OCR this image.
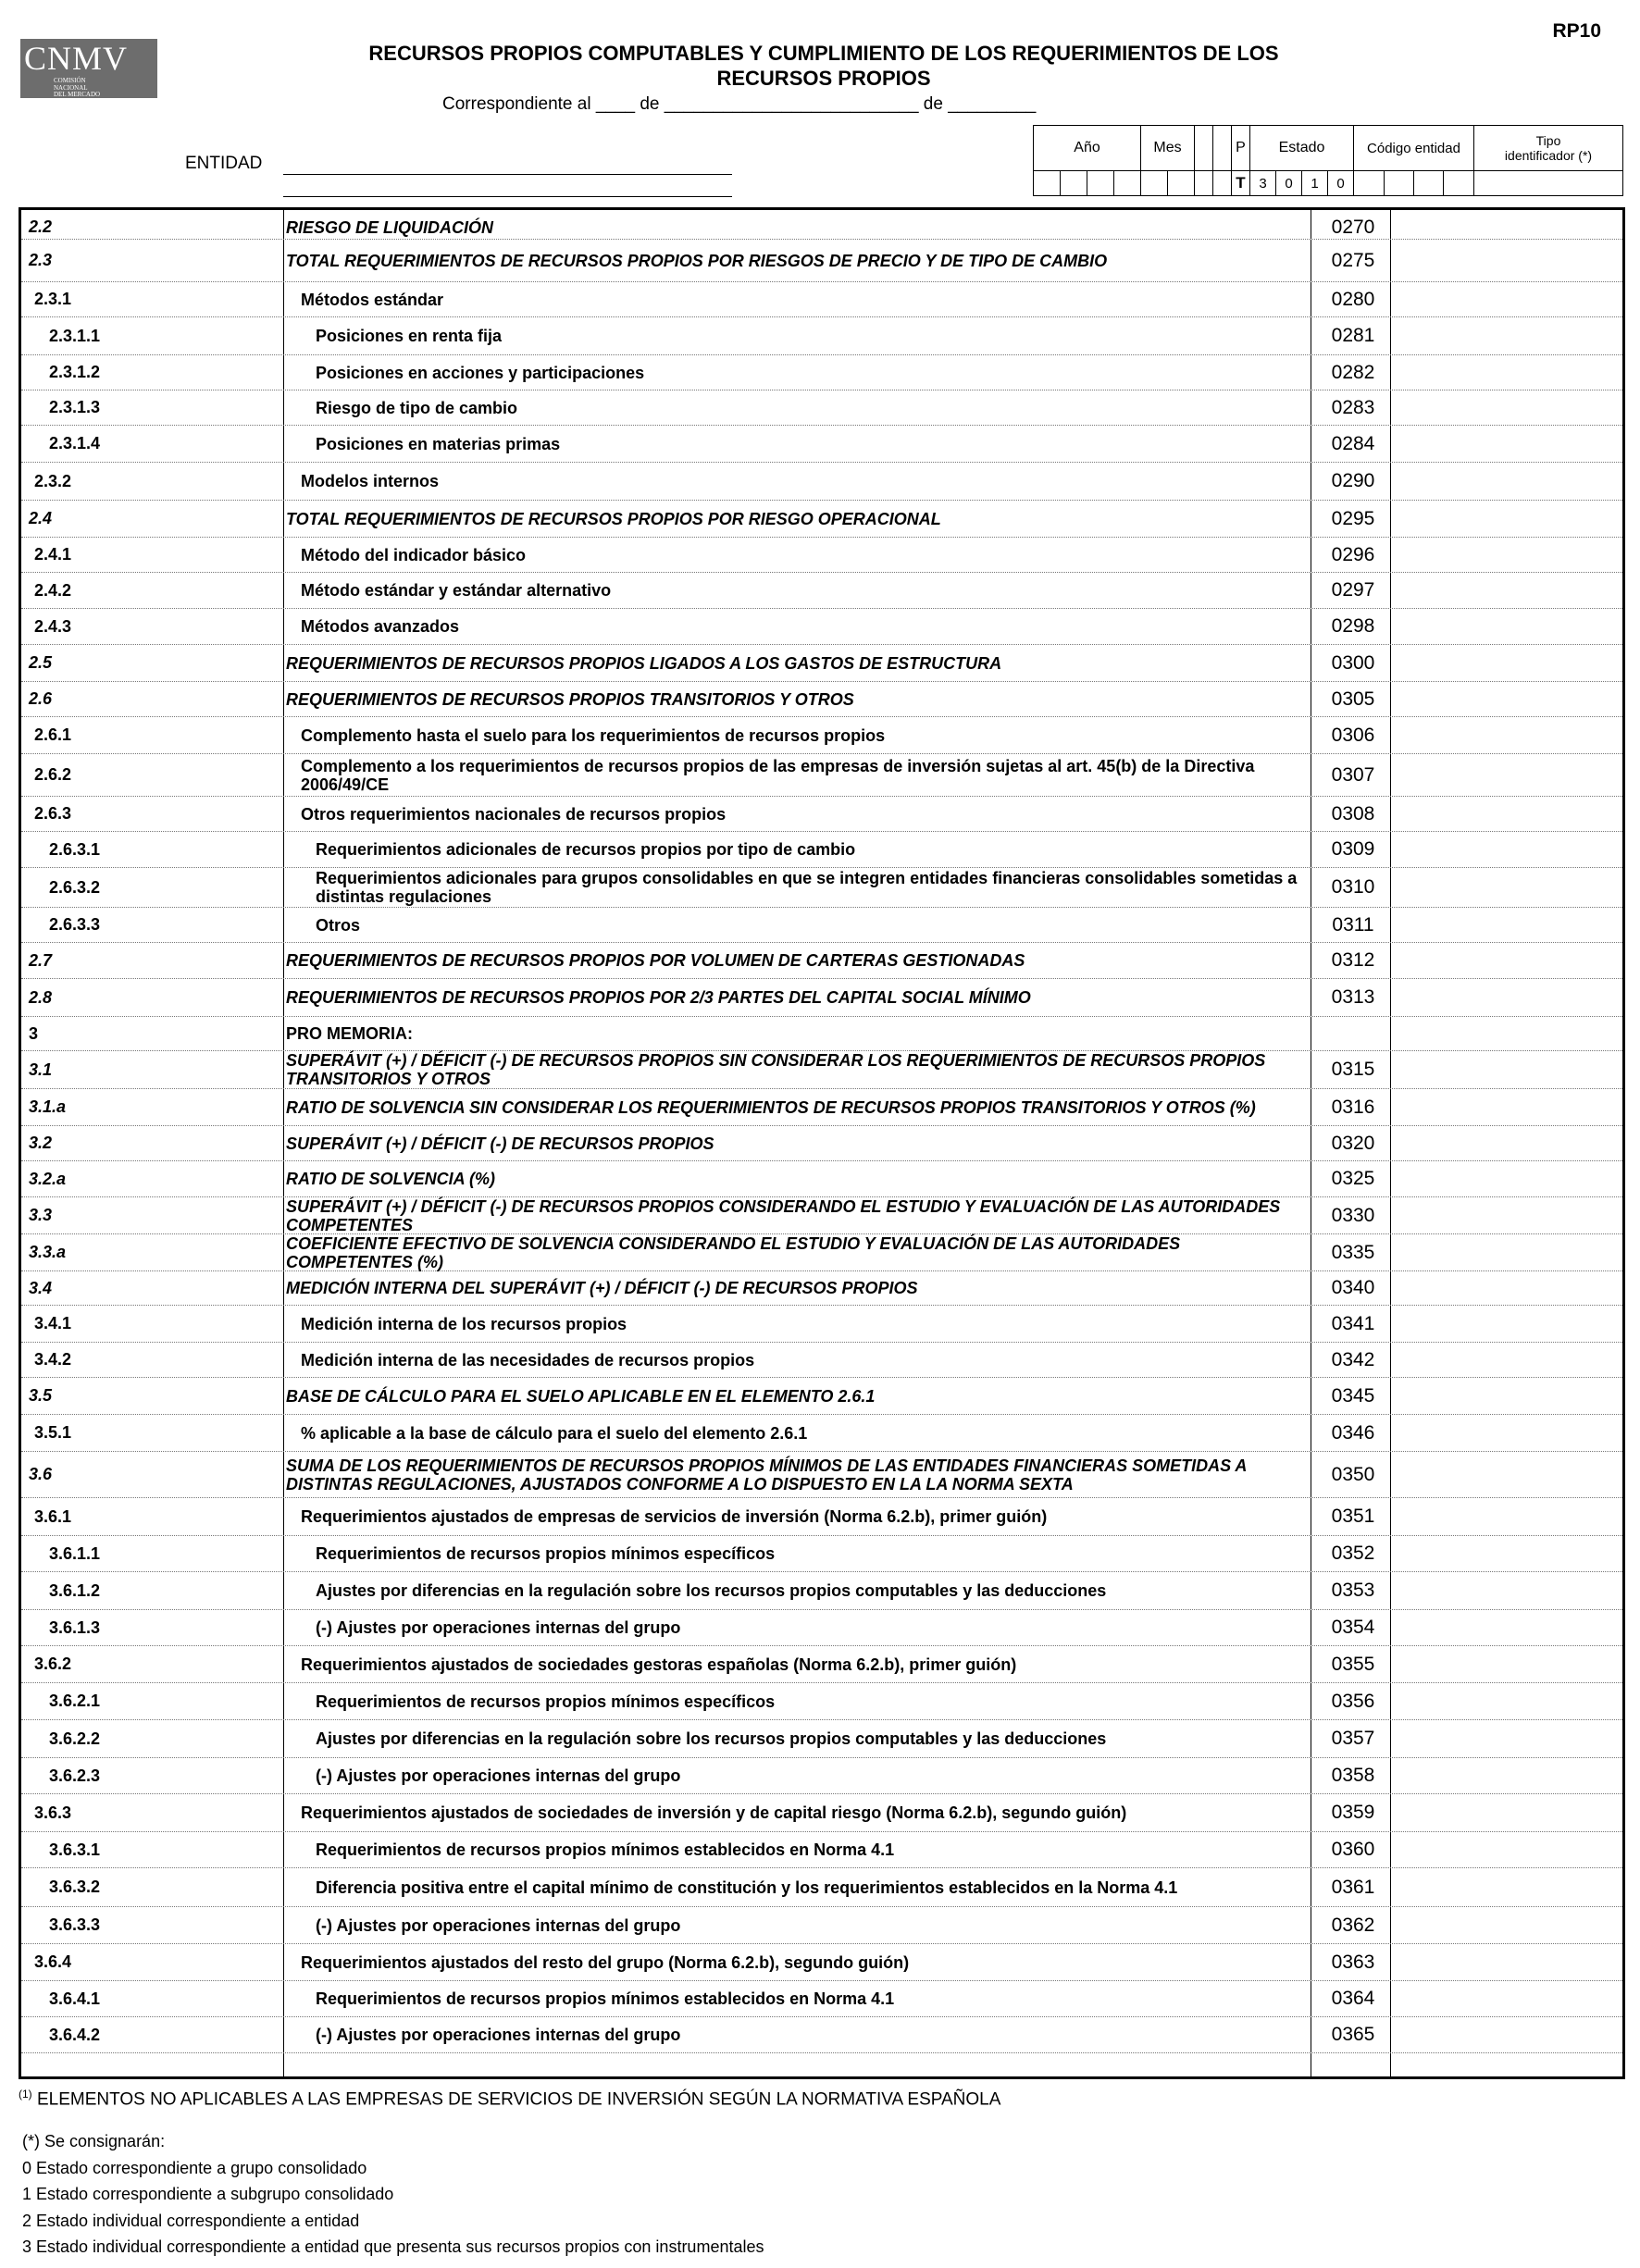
CNMV
COMISIÓN
NACIONAL
DEL MERCADO
DE VALORES
RP10
RECURSOS PROPIOS COMPUTABLES Y CUMPLIMIENTO DE LOS REQUERIMIENTOS DE LOS
RECURSOS PROPIOS
Correspondiente al ____ de __________________________ de _________
ENTIDAD
Año	Mes	P	Estado	Código entidad	Tipo identificador (*)
T 3	0	1	0
2.2	RIESGO DE LIQUIDACIÓN	0270
2.3	TOTAL REQUERIMIENTOS DE RECURSOS PROPIOS POR RIESGOS DE PRECIO Y DE TIPO DE CAMBIO	0275
2.3.1	Métodos estándar	0280
2.3.1.1	Posiciones en renta fija	0281
2.3.1.2	Posiciones en acciones y participaciones	0282
2.3.1.3	Riesgo de tipo de cambio	0283
2.3.1.4	Posiciones en materias primas	0284
2.3.2	Modelos internos	0290
2.4	TOTAL REQUERIMIENTOS DE RECURSOS PROPIOS POR RIESGO OPERACIONAL	0295
2.4.1	Método del indicador básico	0296
2.4.2	Método estándar y estándar alternativo	0297
2.4.3	Métodos avanzados	0298
2.5	REQUERIMIENTOS DE RECURSOS PROPIOS LIGADOS A LOS GASTOS DE ESTRUCTURA	0300
2.6	REQUERIMIENTOS DE RECURSOS PROPIOS TRANSITORIOS Y OTROS	0305
2.6.1	Complemento hasta el suelo para los requerimientos de recursos propios	0306
2.6.2	Complemento a los requerimientos de recursos propios de las empresas de inversión sujetas al art. 45(b) de la Directiva 2006/49/CE	0307
2.6.3	Otros requerimientos nacionales de recursos propios	0308
2.6.3.1	Requerimientos adicionales de recursos propios por tipo de cambio	0309
2.6.3.2	Requerimientos adicionales para grupos consolidables en que se integren entidades financieras consolidables sometidas a distintas regulaciones	0310
2.6.3.3	Otros	0311
2.7	REQUERIMIENTOS DE RECURSOS PROPIOS POR VOLUMEN DE CARTERAS GESTIONADAS	0312
2.8	REQUERIMIENTOS DE RECURSOS PROPIOS POR 2/3 PARTES DEL CAPITAL SOCIAL MÍNIMO	0313
3	PRO MEMORIA:
3.1	SUPERÁVIT (+) / DÉFICIT (-) DE RECURSOS PROPIOS SIN CONSIDERAR LOS REQUERIMIENTOS DE RECURSOS PROPIOS TRANSITORIOS Y OTROS	0315
3.1.a	RATIO DE SOLVENCIA SIN CONSIDERAR LOS REQUERIMIENTOS DE RECURSOS PROPIOS TRANSITORIOS Y OTROS (%)	0316
3.2	SUPERÁVIT (+) / DÉFICIT (-) DE RECURSOS PROPIOS	0320
3.2.a	RATIO DE SOLVENCIA (%)	0325
3.3	SUPERÁVIT (+) / DÉFICIT (-) DE RECURSOS PROPIOS CONSIDERANDO EL ESTUDIO Y EVALUACIÓN DE LAS AUTORIDADES COMPETENTES	0330
3.3.a	COEFICIENTE EFECTIVO DE SOLVENCIA CONSIDERANDO EL ESTUDIO Y EVALUACIÓN DE LAS AUTORIDADES COMPETENTES (%)	0335
3.4	MEDICIÓN INTERNA DEL SUPERÁVIT (+) / DÉFICIT (-) DE RECURSOS PROPIOS	0340
3.4.1	Medición interna de los recursos propios	0341
3.4.2	Medición interna de las necesidades de recursos propios	0342
3.5	BASE DE CÁLCULO PARA EL SUELO APLICABLE EN EL ELEMENTO 2.6.1	0345
3.5.1	% aplicable a la base de cálculo para el suelo del elemento 2.6.1	0346
3.6	SUMA DE LOS REQUERIMIENTOS DE RECURSOS PROPIOS MÍNIMOS DE LAS ENTIDADES FINANCIERAS SOMETIDAS A DISTINTAS REGULACIONES, AJUSTADOS CONFORME A LO DISPUESTO EN LA LA NORMA SEXTA	0350
3.6.1	Requerimientos ajustados de empresas de servicios de inversión (Norma 6.2.b), primer guión)	0351
3.6.1.1	Requerimientos de recursos propios mínimos específicos	0352
3.6.1.2	Ajustes por diferencias en la regulación sobre los recursos propios computables y las deducciones	0353
3.6.1.3	(-) Ajustes por operaciones internas del grupo	0354
3.6.2	Requerimientos ajustados de sociedades gestoras españolas (Norma 6.2.b), primer guión)	0355
3.6.2.1	Requerimientos de recursos propios mínimos específicos	0356
3.6.2.2	Ajustes por diferencias en la regulación sobre los recursos propios computables y las deducciones	0357
3.6.2.3	(-) Ajustes por operaciones internas del grupo	0358
3.6.3	Requerimientos ajustados de sociedades de inversión y de capital riesgo (Norma 6.2.b), segundo guión)	0359
3.6.3.1	Requerimientos de recursos propios mínimos establecidos en Norma 4.1	0360
3.6.3.2	Diferencia positiva entre el capital mínimo de constitución y los requerimientos establecidos en la Norma 4.1	0361
3.6.3.3	(-) Ajustes por operaciones internas del grupo	0362
3.6.4	Requerimientos ajustados del resto del grupo (Norma 6.2.b), segundo guión)	0363
3.6.4.1	Requerimientos de recursos propios mínimos establecidos en Norma 4.1	0364
3.6.4.2	(-) Ajustes por operaciones internas del grupo	0365
$^{(1)}$ ELEMENTOS NO APLICABLES A LAS EMPRESAS DE SERVICIOS DE INVERSIÓN SEGÚN LA NORMATIVA ESPAÑOLA
(*) Se consignarán:
0 Estado correspondiente a grupo consolidado
1 Estado correspondiente a subgrupo consolidado
2 Estado individual correspondiente a entidad
3 Estado individual correspondiente a entidad que presenta sus recursos propios con instrumentales
